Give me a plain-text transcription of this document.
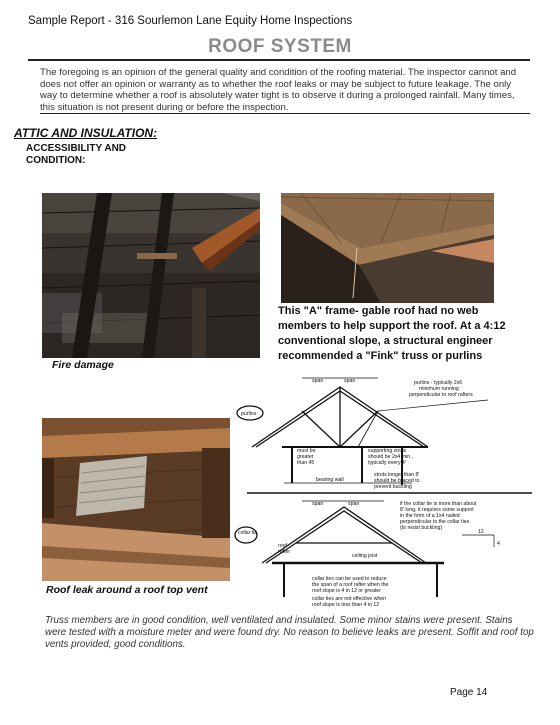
Sample Report - 316 Sourlemon Lane Equity Home Inspections
ROOF SYSTEM
The foregoing is an opinion of the general quality and condition of the roofing material. The inspector cannot and does not offer an opinion or warranty as to whether the roof leaks or may be subject to future leakage. The only way to determine whether a roof is absolutely water tight is to observe it during a prolonged rainfall. Many times, this situation is not present during or before the inspection.
ATTIC AND INSULATION:
ACCESSIBILITY AND
CONDITION:
Fire damage
This "A" frame- gable roof had no web members to help support the roof. At a 4:12 conventional slope, a structural engineer recommended a "Fink" truss or purlins
Roof leak around a roof top vent
span	span
purlins
purlins - typically 2x6
minimum running
perpendicular to roof rafters
must be
greater
than 45
supporting struts
should be 2x4 min.,
typically every 4'
bearing wall
struts longer than 8'
should be braced to
prevent buckling
span	span
collar tie
if the collar tie is more than about
8' long, it requires some support
in the form of a 1x4 nailed
perpendicular to the collar ties
(to resist buckling)
roof
rafter
ceiling joist
12
4
collar ties can be used to reduce
the span of a roof rafter when the
roof slope is 4 in 12 or greater
collar ties are not effective when
roof slope is less than 4 in 12
Truss members are in good condition, well ventilated and insulated. Some minor stains were present. Stains were tested with a moisture meter and were found dry. No reason to believe leaks are present. Soffit and roof top vents provided, good conditions.
Page 14
